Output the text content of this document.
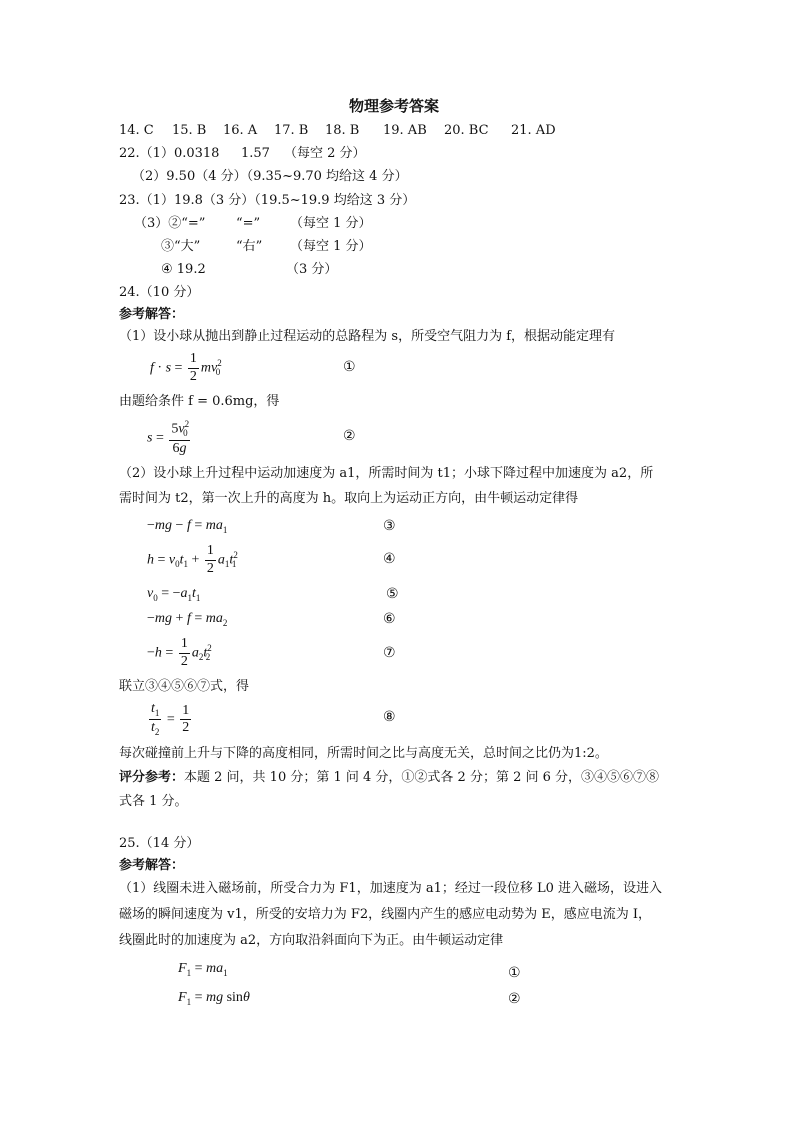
物理参考答案
14. C 15. B 16. A 17. B 18. B 19. AB 20. BC 21. AD
22.（1）0.0318 1.57 （每空 2 分）
（2）9.50（4 分）（9.35~9.70 均给这 4 分）
23.（1）19.8（3 分）（19.5~19.9 均给这 3 分）
（3）②“=” “=” （每空 1 分）
③“大”	“右” （每空 1 分）
④ 19.2	（3 分）
24.（10 分）
参考解答：
（1）设小球从抛出到静止过程运动的总路程为 s，所受空气阻力为 f，根据动能定理有
$f \cdot s = \frac{1}{2} mv^2_0$	①
由题给条件 f = 0.6mg，得
$s = \frac{5v^2_0}{6g}$	②
（2）设小球上升过程中运动加速度为 a1，所需时间为 t1；小球下降过程中加速度为 a2，所
需时间为 t2，第一次上升的高度为 h。取向上为运动正方向，由牛顿运动定律得
$-mg - f = ma_1$	③
$h = v_0t_1 + \frac{1}{2} a_1t^2_1$	④
$v_0 = -a_1t_1$	⑤
$-mg + f = ma_2$	⑥
$-h = \frac{1}{2} a_2t^2_2$	⑦
联立③④⑤⑥⑦式，得
$\frac{t_1}{t_2} = \frac{1}{2}$	⑧
每次碰撞前上升与下降的高度相同，所需时间之比与高度无关，总时间之比仍为1:2。
评分参考：本题 2 问，共 10 分；第 1 问 4 分，①②式各 2 分；第 2 问 6 分，③④⑤⑥⑦⑧
式各 1 分。
25.（14 分）
参考解答：
（1）线圈未进入磁场前，所受合力为 F1，加速度为 a1；经过一段位移 L0 进入磁场，设进入
磁场的瞬间速度为 v1，所受的安培力为 F2，线圈内产生的感应电动势为 E，感应电流为 I，
线圈此时的加速度为 a2，方向取沿斜面向下为正。由牛顿运动定律
$F_1 = ma_1$	①
$F_1$ = mg sinθ	②
